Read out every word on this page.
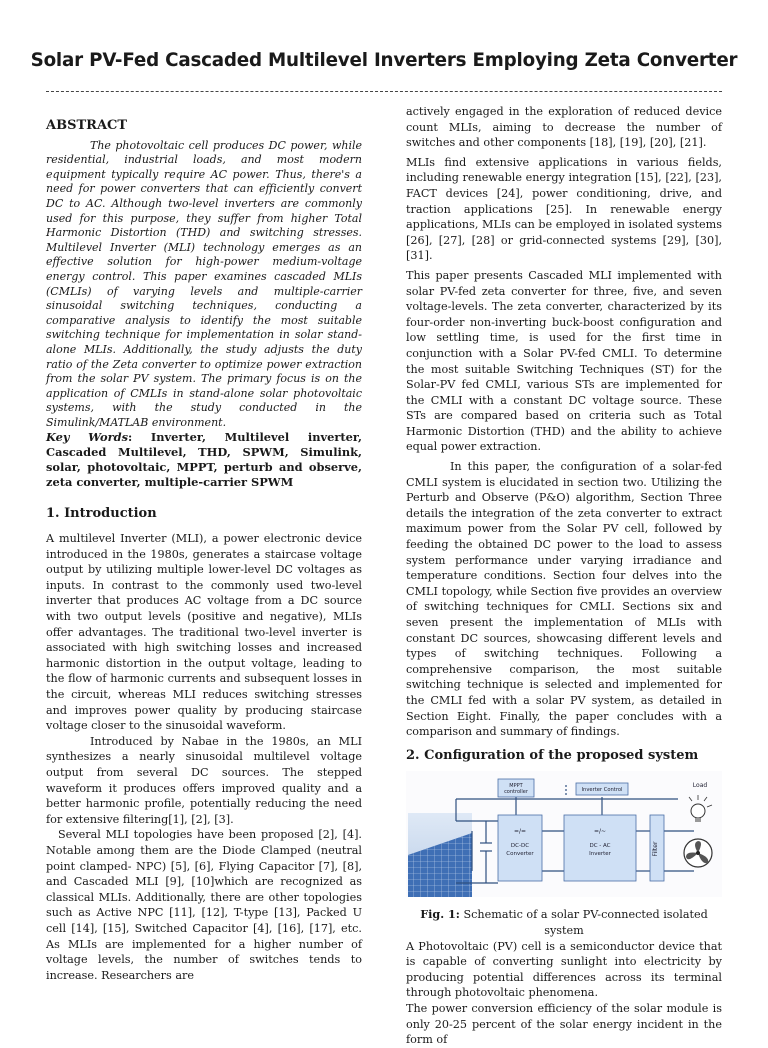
Solar PV-Fed Cascaded Multilevel Inverters Employing Zeta Converter

ABSTRACT

The photovoltaic cell produces DC power, while residential, industrial loads, and most modern equipment typically require AC power. Thus, there's a need for power converters that can efficiently convert DC to AC. Although two-level inverters are commonly used for this purpose, they suffer from higher Total Harmonic Distortion (THD) and switching stresses. Multilevel Inverter (MLI) technology emerges as an effective solution for high-power medium-voltage energy control. This paper examines cascaded MLIs (CMLIs) of varying levels and multiple-carrier sinusoidal switching techniques, conducting a comparative analysis to identify the most suitable switching technique for implementation in solar stand-alone MLIs. Additionally, the study adjusts the duty ratio of the Zeta converter to optimize power extraction from the solar PV system. The primary focus is on the application of CMLIs in stand-alone solar photovoltaic systems, with the study conducted in the Simulink/MATLAB environment.

Key Words: Inverter, Multilevel inverter, Cascaded Multilevel, THD, SPWM, Simulink, solar, photovoltaic, MPPT, perturb and observe, zeta converter, multiple-carrier SPWM

1. Introduction

A multilevel Inverter (MLI), a power electronic device introduced in the 1980s, generates a staircase voltage output by utilizing multiple lower-level DC voltages as inputs. In contrast to the commonly used two-level inverter that produces AC voltage from a DC source with two output levels (positive and negative), MLIs offer advantages. The traditional two-level inverter is associated with high switching losses and increased harmonic distortion in the output voltage, leading to the flow of harmonic currents and subsequent losses in the circuit, whereas MLI reduces switching stresses and improves power quality by producing staircase voltage closer to the sinusoidal waveform.

Introduced by Nabae in the 1980s, an MLI synthesizes a nearly sinusoidal multilevel voltage output from several DC sources. The stepped waveform it produces offers improved quality and a better harmonic profile, potentially reducing the need for extensive filtering[1], [2], [3].

Several MLI topologies have been proposed [2], [4]. Notable among them are the Diode Clamped (neutral point clamped- NPC) [5], [6], Flying Capacitor [7], [8], and Cascaded MLI [9], [10]which are recognized as classical MLIs. Additionally, there are other topologies such as Active NPC [11], [12], T-type [13], Packed U cell [14], [15], Switched Capacitor [4], [16], [17], etc. As MLIs are implemented for a higher number of voltage levels, the number of switches tends to increase. Researchers are

actively engaged in the exploration of reduced device count MLIs, aiming to decrease the number of switches and other components [18], [19], [20], [21].

MLIs find extensive applications in various fields, including renewable energy integration [15], [22], [23], FACT devices [24], power conditioning, drive, and traction applications [25]. In renewable energy applications, MLIs can be employed in isolated systems [26], [27], [28] or grid-connected systems [29], [30], [31].

This paper presents Cascaded MLI implemented with solar PV-fed zeta converter for three, five, and seven voltage-levels. The zeta converter, characterized by its four-order non-inverting buck-boost configuration and low settling time, is used for the first time in conjunction with a Solar PV-fed CMLI. To determine the most suitable Switching Techniques (ST) for the Solar-PV fed CMLI, various STs are implemented for the CMLI with a constant DC voltage source. These STs are compared based on criteria such as Total Harmonic Distortion (THD) and the ability to achieve equal power extraction.

In this paper, the configuration of a solar-fed CMLI system is elucidated in section two. Utilizing the Perturb and Observe (P&O) algorithm, Section Three details the integration of the zeta converter to extract maximum power from the Solar PV cell, followed by feeding the obtained DC power to the load to assess system performance under varying irradiance and temperature conditions. Section four delves into the CMLI topology, while Section five provides an overview of switching techniques for CMLI. Sections six and seven present the implementation of MLIs with constant DC sources, showcasing different levels and types of switching techniques. Following a comprehensive comparison, the most suitable switching technique is selected and implemented for the CMLI fed with a solar PV system, as detailed in Section Eight. Finally, the paper concludes with a comparison and summary of findings.

2. Configuration of the proposed system

MPPT
controller	Inverter Control
=/=
DC-DC
Converter
=/~
DC - AC
Inverter	Filter
Load

Fig. 1: Schematic of a solar PV-connected isolated system

A Photovoltaic (PV) cell is a semiconductor device that is capable of converting sunlight into electricity by producing potential differences across its terminal through photovoltaic phenomena.

The power conversion efficiency of the solar module is only 20-25 percent of the solar energy incident in the form of
